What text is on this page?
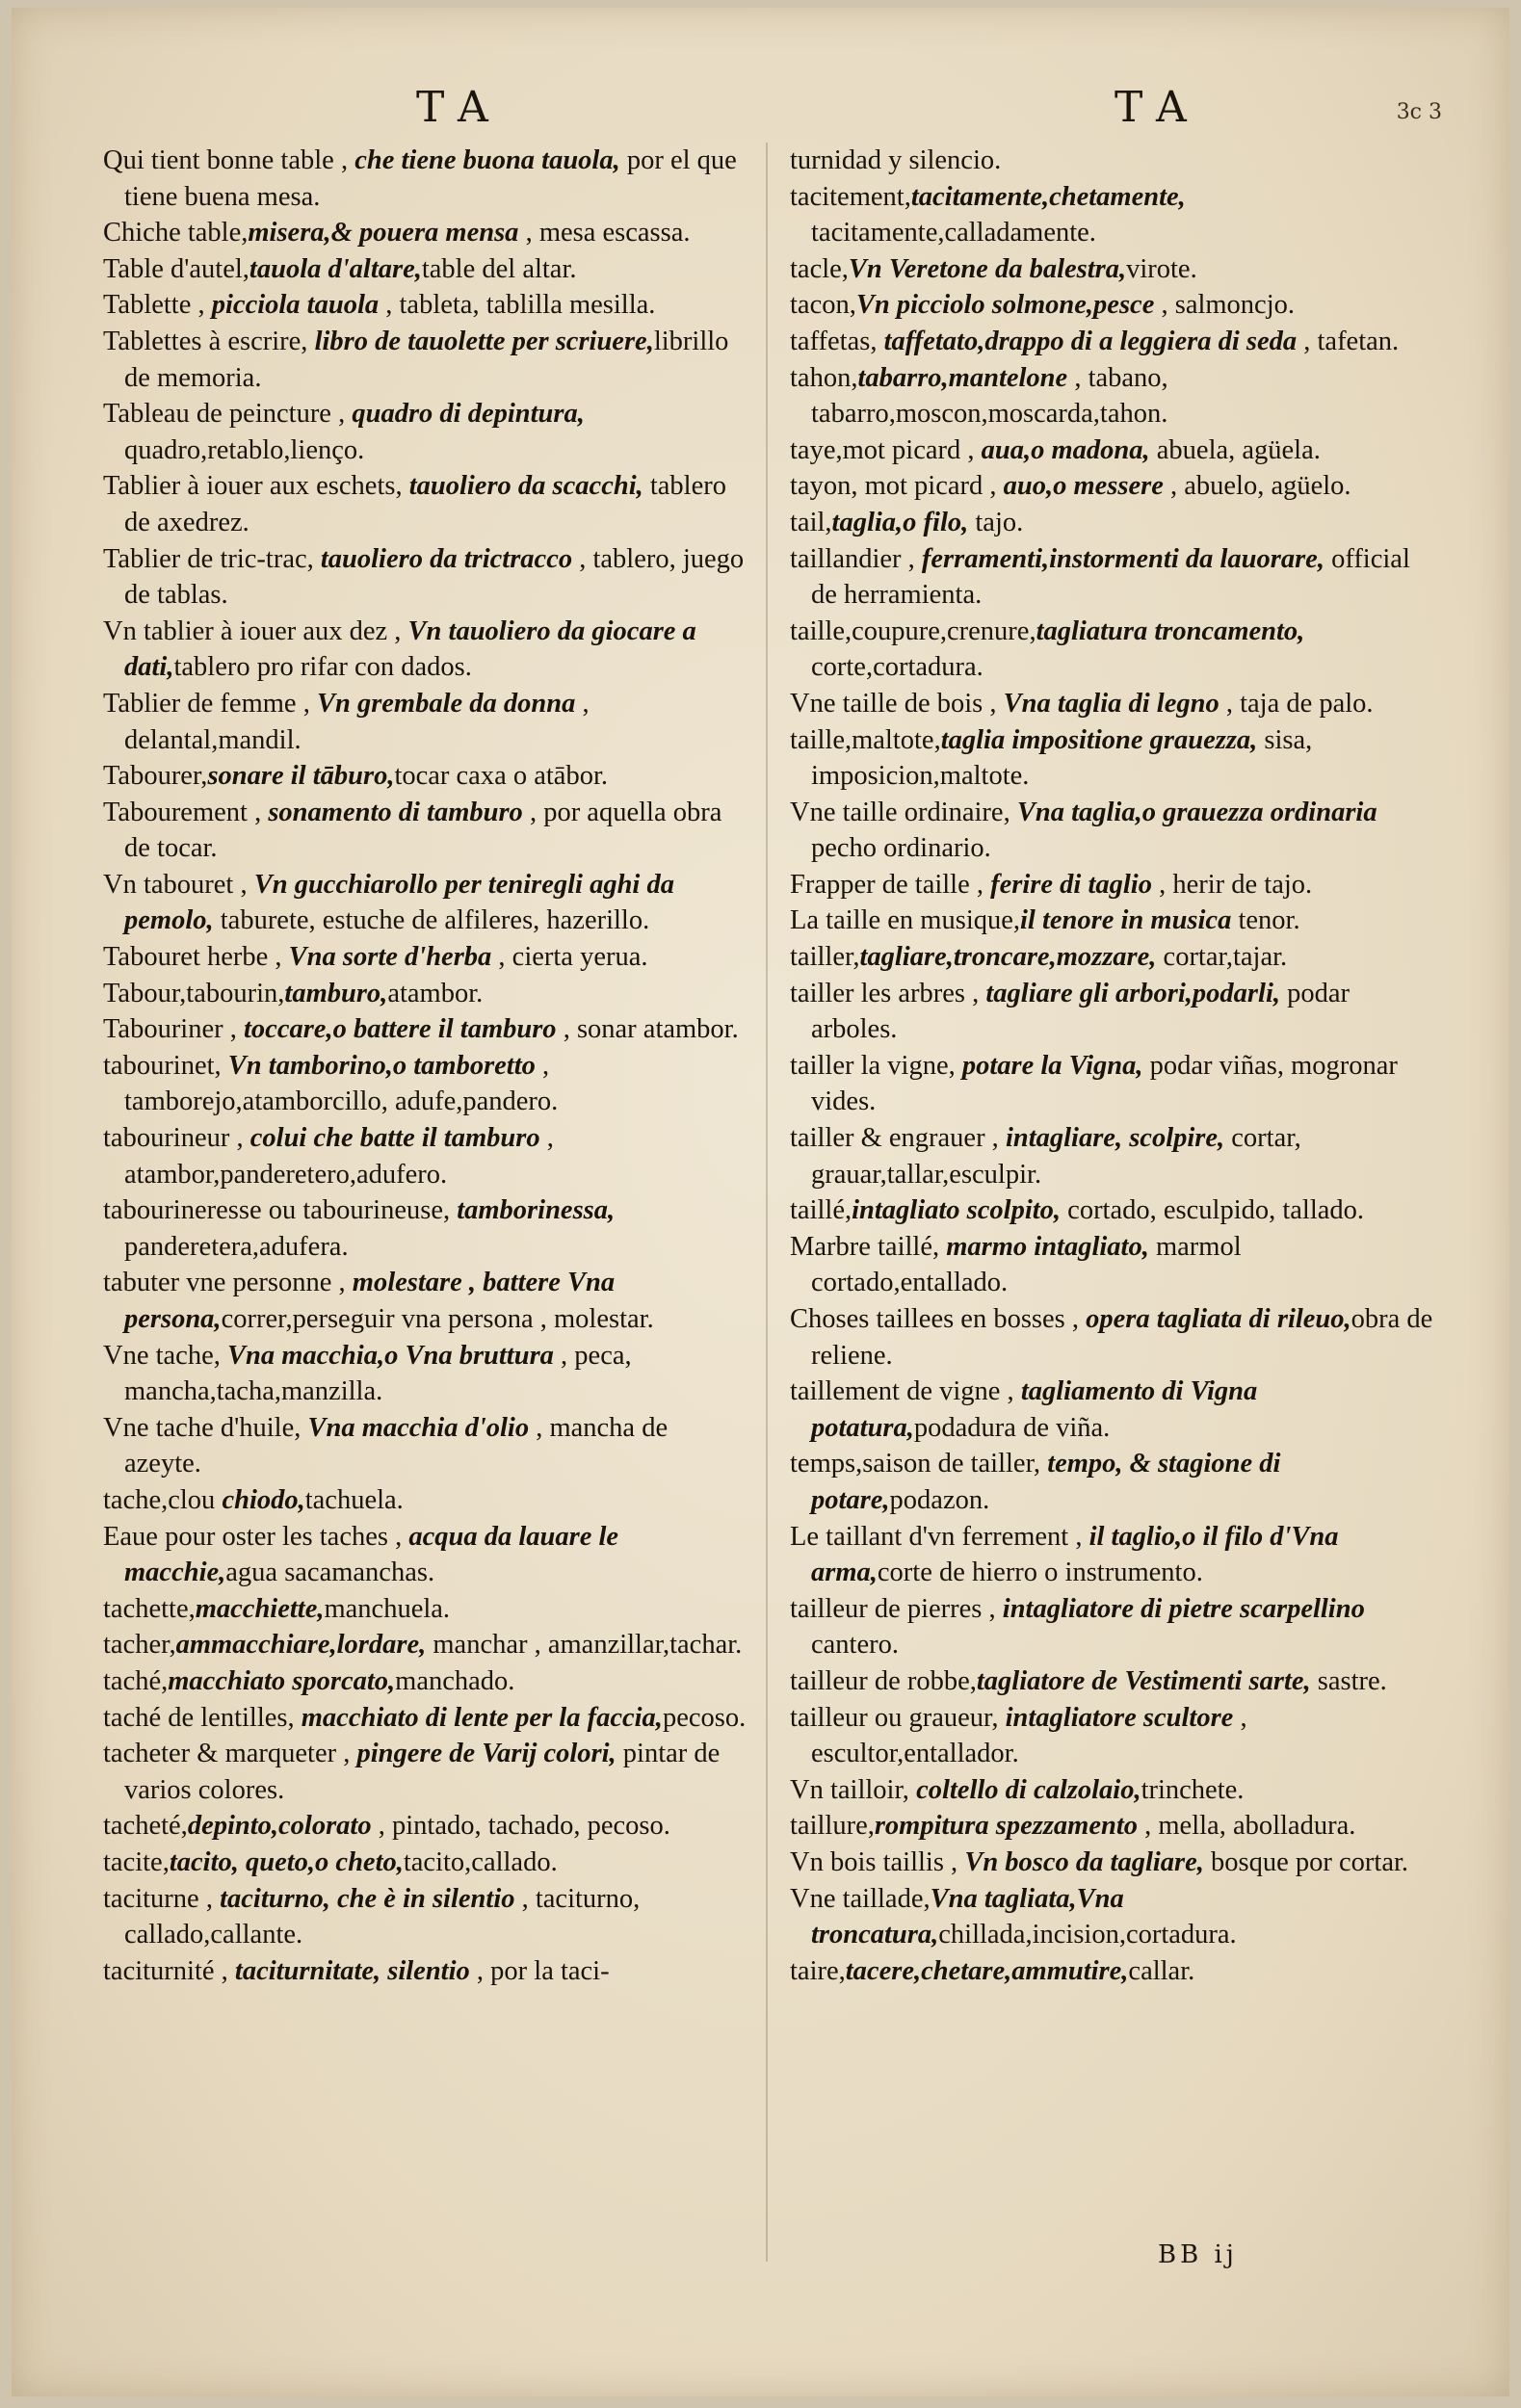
TA	TA	3c 3
Qui tient bonne table , che tiene buona tauola, por el que tiene buena mesa.
Chiche table,misera,& pouera mensa , mesa escassa.
Table d'autel,tauola d'altare,table del altar.
Tablette , picciola tauola , tableta, tablilla mesilla.
Tablettes à escrire, libro de tauolette per scriuere,librillo de memoria.
Tableau de peincture , quadro di depintura, quadro,retablo,lienço.
Tablier à iouer aux eschets, tauoliero da scacchi, tablero de axedrez.
Tablier de tric-trac, tauoliero da trictracco , tablero, juego de tablas.
Vn tablier à iouer aux dez , Vn tauoliero da giocare a dati,tablero pro rifar con dados.
Tablier de femme , Vn grembale da donna , delantal,mandil.
Tabourer,sonare il tāburo,tocar caxa o atābor.
Tabourement , sonamento di tamburo , por aquella obra de tocar.
Vn tabouret , Vn gucchiarollo per teniregli aghi da pemolo, taburete, estuche de alfileres, hazerillo.
Tabouret herbe , Vna sorte d'herba , cierta yerua.
Tabour,tabourin,tamburo,atambor.
Tabouriner , toccare,o battere il tamburo , sonar atambor.
tabourinet, Vn tamborino,o tamboretto , tamborejo,atamborcillo, adufe,pandero.
tabourineur , colui che batte il tamburo , atambor,panderetero,adufero.
tabourineresse ou tabourineuse, tamborinessa, panderetera,adufera.
tabuter vne personne , molestare , battere Vna persona,correr,perseguir vna persona , molestar.
Vne tache, Vna macchia,o Vna bruttura , peca, mancha,tacha,manzilla.
Vne tache d'huile, Vna macchia d'olio , mancha de azeyte.
tache,clou chiodo,tachuela.
Eaue pour oster les taches , acqua da lauare le macchie,agua sacamanchas.
tachette,macchiette,manchuela.
tacher,ammacchiare,lordare, manchar , amanzillar,tachar.
taché,macchiato sporcato,manchado.
taché de lentilles, macchiato di lente per la faccia,pecoso.
tacheter & marqueter , pingere de Varij colori, pintar de varios colores.
tacheté,depinto,colorato , pintado, tachado, pecoso.
tacite,tacito, queto,o cheto,tacito,callado.
taciturne , taciturno, che è in silentio , taciturno, callado,callante.
taciturnité , taciturnitate, silentio , por la taci-
turnidad y silencio.
tacitement,tacitamente,chetamente, tacitamente,calladamente.
tacle,Vn Veretone da balestra,virote.
tacon,Vn picciolo solmone,pesce , salmoncjo.
taffetas, taffetato,drappo di a leggiera di seda , tafetan.
tahon,tabarro,mantelone , tabano, tabarro,moscon,moscarda,tahon.
taye,mot picard , aua,o madona, abuela, agüela.
tayon, mot picard , auo,o messere , abuelo, agüelo.
tail,taglia,o filo, tajo.
taillandier , ferramenti,instormenti da lauorare, official de herramienta.
taille,coupure,crenure,tagliatura troncamento, corte,cortadura.
Vne taille de bois , Vna taglia di legno , taja de palo.
taille,maltote,taglia impositione grauezza, sisa, imposicion,maltote.
Vne taille ordinaire, Vna taglia,o grauezza ordinaria pecho ordinario.
Frapper de taille , ferire di taglio , herir de tajo.
La taille en musique,il tenore in musica tenor.
tailler,tagliare,troncare,mozzare, cortar,tajar.
tailler les arbres , tagliare gli arbori,podarli, podar arboles.
tailler la vigne, potare la Vigna, podar viñas, mogronar vides.
tailler & engrauer , intagliare, scolpire, cortar, grauar,tallar,esculpir.
taillé,intagliato scolpito, cortado, esculpido, tallado.
Marbre taillé, marmo intagliato, marmol cortado,entallado.
Choses taillees en bosses , opera tagliata di rileuo,obra de reliene.
taillement de vigne , tagliamento di Vigna potatura,podadura de viña.
temps,saison de tailler, tempo, & stagione di potare,podazon.
Le taillant d'vn ferrement , il taglio,o il filo d'Vna arma,corte de hierro o instrumento.
tailleur de pierres , intagliatore di pietre scarpellino cantero.
tailleur de robbe,tagliatore de Vestimenti sarte, sastre.
tailleur ou graueur, intagliatore scultore , escultor,entallador.
Vn tailloir, coltello di calzolaio,trinchete.
taillure,rompitura spezzamento , mella, abolladura.
Vn bois taillis , Vn bosco da tagliare, bosque por cortar.
Vne taillade,Vna tagliata,Vna troncatura,chillada,incision,cortadura.
taire,tacere,chetare,ammutire,callar.
BB ij
